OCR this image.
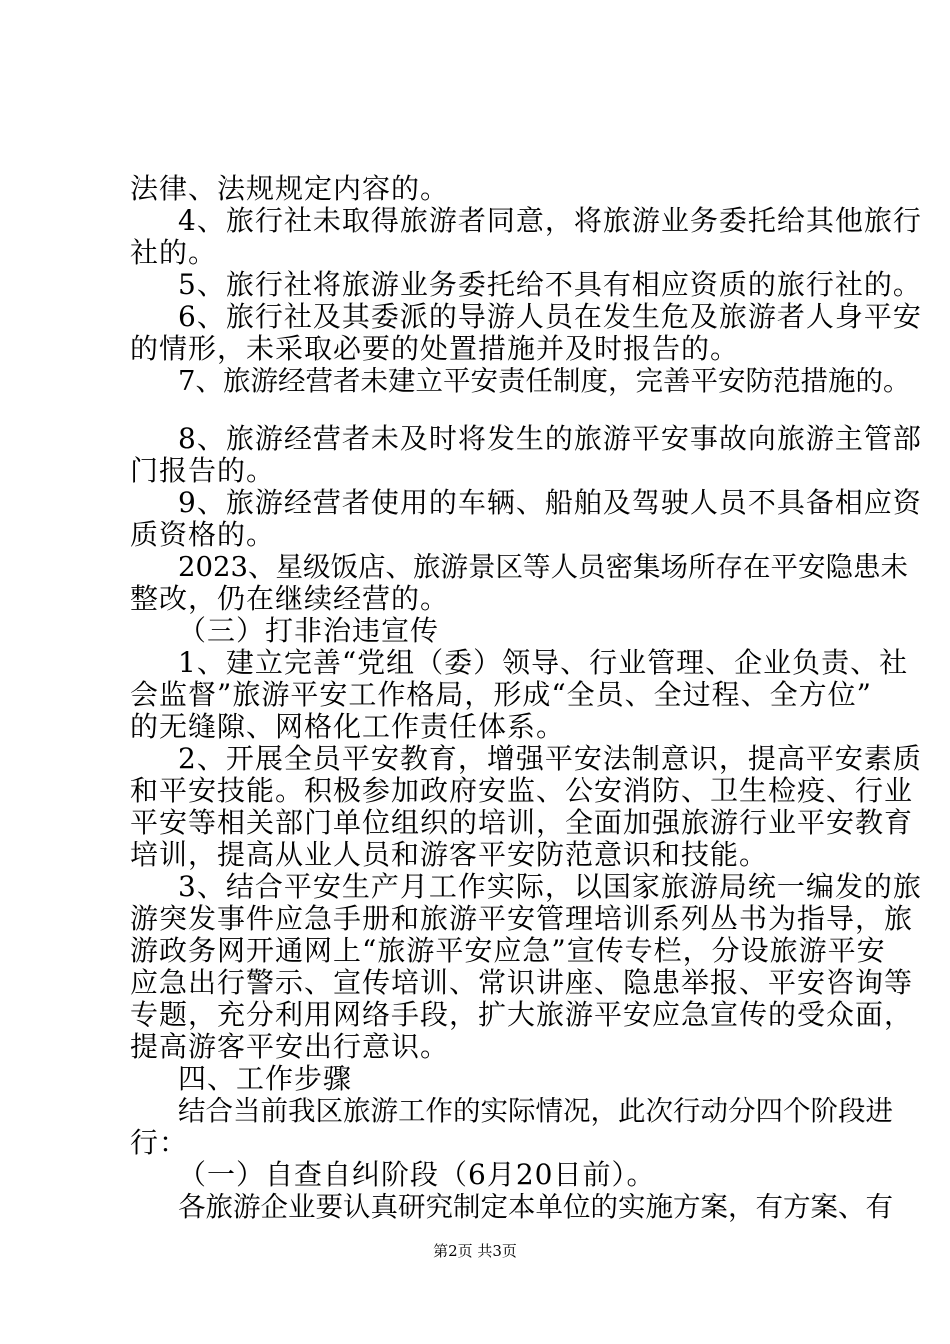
法律、法规规定内容的。
4、旅行社未取得旅游者同意，将旅游业务委托给其他旅行
社的。
5、旅行社将旅游业务委托给不具有相应资质的旅行社的。
6、旅行社及其委派的导游人员在发生危及旅游者人身平安
的情形，未采取必要的处置措施并及时报告的。
7、旅游经营者未建立平安责任制度，完善平安防范措施的。
8、旅游经营者未及时将发生的旅游平安事故向旅游主管部
门报告的。
9、旅游经营者使用的车辆、船舶及驾驶人员不具备相应资
质资格的。
2023、星级饭店、旅游景区等人员密集场所存在平安隐患未
整改，仍在继续经营的。
（三）打非治违宣传
1、建立完善“党组（委）领导、行业管理、企业负责、社
会监督”旅游平安工作格局，形成“全员、全过程、全方位”
的无缝隙、网格化工作责任体系。
2、开展全员平安教育，增强平安法制意识，提高平安素质
和平安技能。积极参加政府安监、公安消防、卫生检疫、行业
平安等相关部门单位组织的培训，全面加强旅游行业平安教育
培训，提高从业人员和游客平安防范意识和技能。
3、结合平安生产月工作实际，以国家旅游局统一编发的旅
游突发事件应急手册和旅游平安管理培训系列丛书为指导，旅
游政务网开通网上“旅游平安应急”宣传专栏，分设旅游平安
应急出行警示、宣传培训、常识讲座、隐患举报、平安咨询等
专题，充分利用网络手段，扩大旅游平安应急宣传的受众面，
提高游客平安出行意识。
四、工作步骤
结合当前我区旅游工作的实际情况，此次行动分四个阶段进
行：
（一）自查自纠阶段（6月20日前）。
各旅游企业要认真研究制定本单位的实施方案，有方案、有
第2页 共3页
